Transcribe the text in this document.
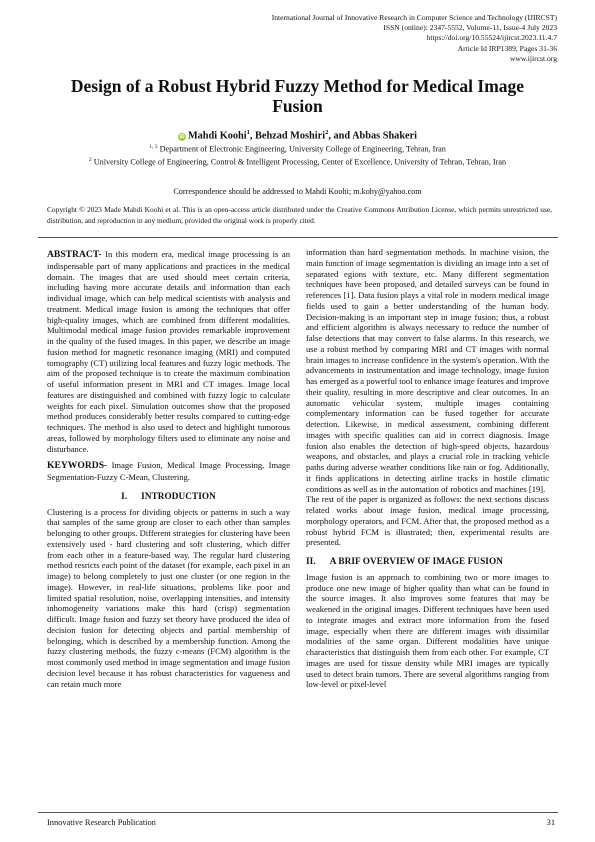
International Journal of Innovative Research in Computer Science and Technology (IJIRCST)
ISSN (online): 2347-5552, Volume-11, Issue-4 July 2023
https://doi.org/10.55524/ijircst.2023.11.4.7
Article Id IRP1389, Pages 31-36
www.ijircst.org
Design of a Robust Hybrid Fuzzy Method for Medical Image Fusion
iD Mahdi Koohi$^1$, Behzad Moshiri$^2$, and Abbas Shakeri
$^{1, 3}$ Department of Electronic Engineering, University College of Engineering, Tehran, Iran
$^2$ University College of Engineering, Control & Intelligent Processing, Center of Excellence, University of Tehran, Tehran, Iran
Correspondence should be addressed to Mahdi Koohi; m.kohy@yahoo.com
Copyright © 2023 Made Mahdi Koohi et al. This is an open-access article distributed under the Creative Commons Attribution License, which permits unrestricted use, distribution, and reproduction in any medium, provided the original work is properly cited.

ABSTRACT- In this modern era, medical image processing is an indispensable part of many applications and practices in the medical domain. The images that are used should meet certain criteria, including having more accurate details and information than each individual image, which can help medical scientists with analysis and treatment. Medical image fusion is among the techniques that offer high-quality images, which are combined from different modalities. Multimodal medical image fusion provides remarkable improvement in the quality of the fused images. In this paper, we describe an image fusion method for magnetic resonance imaging (MRI) and computed tomography (CT) utilizing local features and fuzzy logic methods. The aim of the proposed technique is to create the maximum combination of useful information present in MRI and CT images. Image local features are distinguished and combined with fuzzy logic to calculate weights for each pixel. Simulation outcomes show that the proposed method produces considerably better results compared to cutting-edge techniques. The method is also used to detect and highlight tumorous areas, followed by morphology filters used to eliminate any noise and disturbance.

KEYWORDS- Image Fusion, Medical Image Processing, Image Segmentation-Fuzzy C-Mean, Clustering.

I. INTRODUCTION

Clustering is a process for dividing objects or patterns in such a way that samples of the same group are closer to each other than samples belonging to other groups. Different strategies for clustering have been extensively used - hard clustering and soft clustering, which differ from each other in a feature-based way. The regular hard clustering method resricts each point of the dataset (for example, each pixel in an image) to belong completely to just one cluster (or one region in the image). However, in real-life situations, problems like poor and limited spatial resolution, noise, overlapping intensities, and intensity inhomogeneity variations make this hard (crisp) segmentation difficult. Image fusion and fuzzy set theory have produced the idea of decision fusion for detecting objects and partial membership of belonging, which is described by a membership function. Among the fuzzy clustering methods, the fuzzy c-means (FCM) algorithm is the most commonly used method in image segmentation and image fusion decision level because it has robust characteristics for vagueness and can retain much more

information than hard segmentation methods. In machine vision, the main function of image segmentation is dividing an image into a set of separated egions with texture, etc. Many different segmentation techniques have been proposed, and detailed surveys can be found in references [1]. Data fusion plays a vital role in modern medical image fields used to gain a better understanding of the human body. Decision-making is an important step in image fusion; thus, a robust and efficient algorithm is always necessary to reduce the number of false detections that may convert to false alarms. In this research, we use a robust method by comparing MRI and CT images with normal brain images to increase confidence in the system's operation. With the advancements in instrumentation and image technology, image fusion has emerged as a powerful tool to enhance image features and improve their quality, resulting in more descriptive and clear outcomes. In an automatic vehicular system, multiple images containing complementary information can be fused together for accurate detection. Likewise, in medical assessment, combining different images with specific qualities can aid in correct diagnosis. Image fusion also enables the detection of high-speed objects, hazardous weapons, and obstacles, and plays a crucial role in tracking vehicle paths during adverse weather conditions like rain or fog. Additionally, it finds applications in detecting airline tracks in hostile climatic conditions as well as in the automation of robotics and machines [19].

The rest of the paper is organized as follows: the next sections discuss related works about image fusion, medical image processing, morphology operators, and FCM. After that, the proposed method as a robust hybrid FCM is illustrated; then, experimental results are presented.

II. A BRIF OVERVIEW OF IMAGE FUSION

Image fusion is an approach to combining two or more images to produce one new image of higher quality than what can be found in the source images. It also improves some features that may be weakened in the original images. Different techniques have been used to integrate images and extract more information from the fused image, especially when there are different images with dissimilar modalities of the same organ. Different modalities have unique characteristics that distinguish them from each other. For example, CT images are used for tissue density while MRI images are typically used to detect brain tumors. There are several algorithms ranging from low-level or pixel-level

Innovative Research Publication	31
